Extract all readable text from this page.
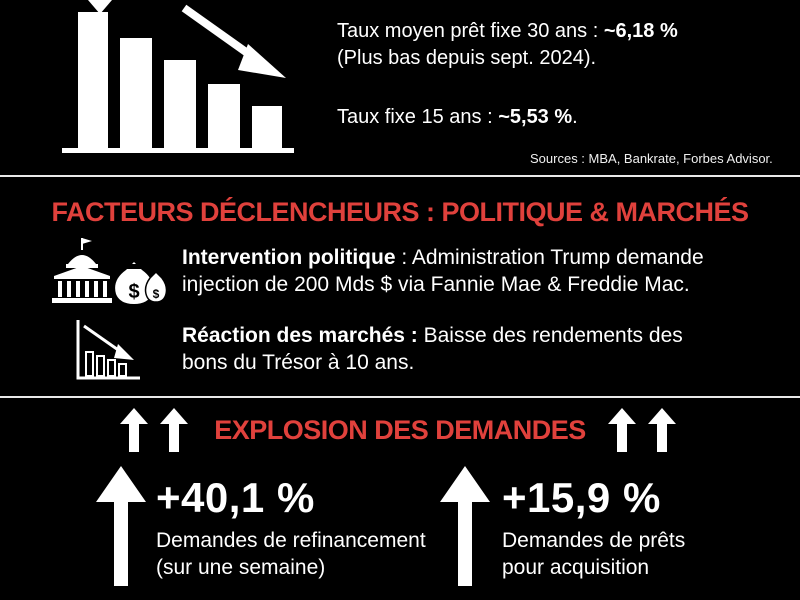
Taux moyen prêt fixe 30 ans : ~6,18 %
(Plus bas depuis sept. 2024).
Taux fixe 15 ans : ~5,53 %.
Sources : MBA, Bankrate, Forbes Advisor.
FACTEURS DÉCLENCHEURS : POLITIQUE & MARCHÉS
$ $
Intervention politique : Administration Trump demande
injection de 200 Mds $ via Fannie Mae & Freddie Mac.
Réaction des marchés : Baisse des rendements des
bons du Trésor à 10 ans.
EXPLOSION DES DEMANDES
+40,1 %
Demandes de refinancement
(sur une semaine)
+15,9 %
Demandes de prêts
pour acquisition
